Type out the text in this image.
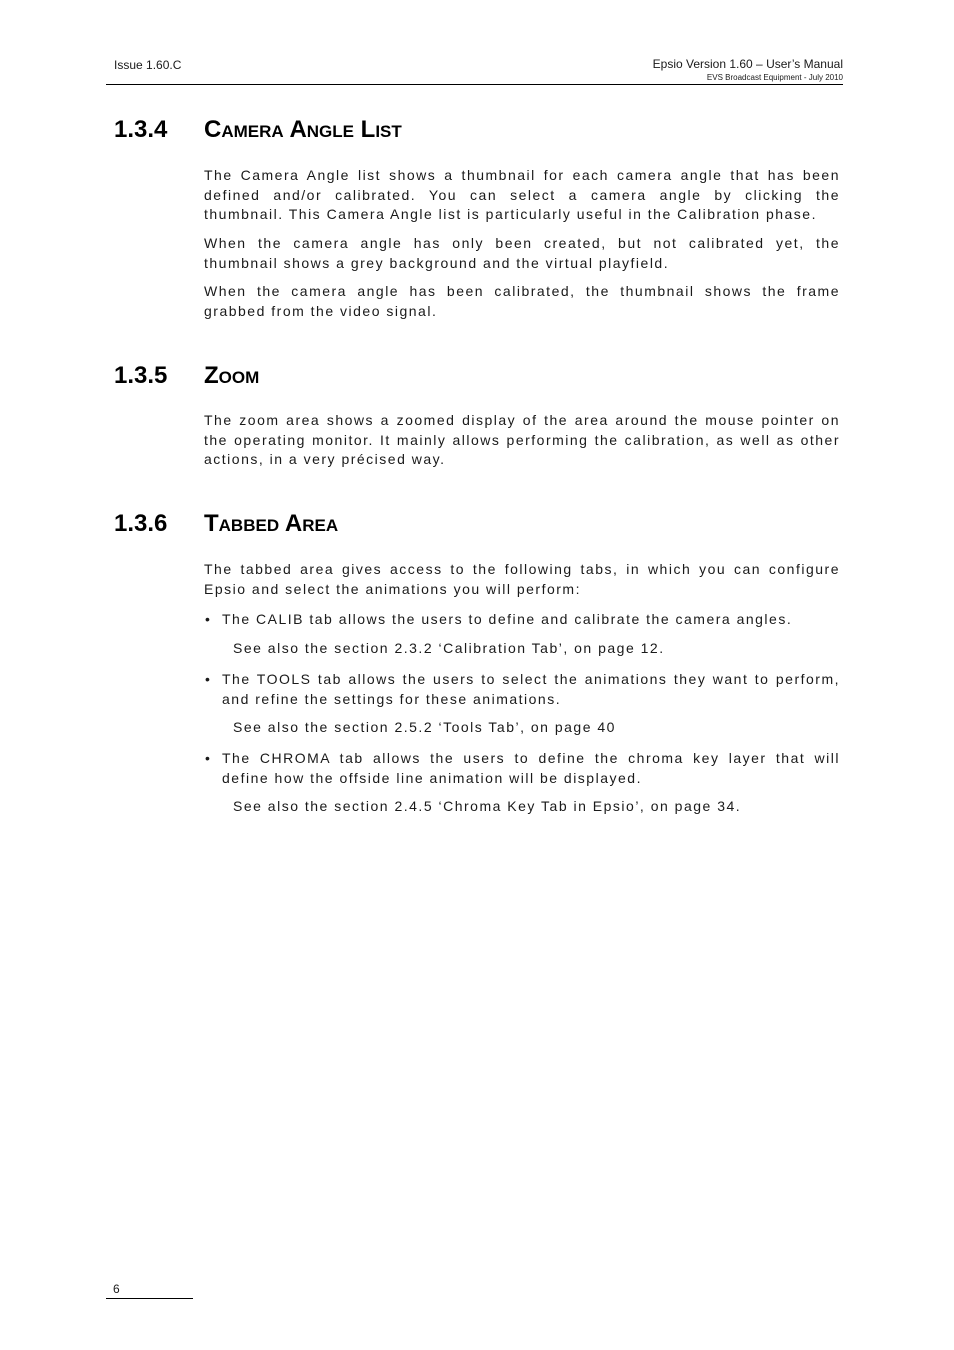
Issue 1.60.C	Epsio Version 1.60 – User’s Manual
EVS Broadcast Equipment - July 2010
1.3.4 Camera Angle List
The Camera Angle list shows a thumbnail for each camera angle that has been defined and/or calibrated. You can select a camera angle by clicking the thumbnail. This Camera Angle list is particularly useful in the Calibration phase.
When the camera angle has only been created, but not calibrated yet, the thumbnail shows a grey background and the virtual playfield.
When the camera angle has been calibrated, the thumbnail shows the frame grabbed from the video signal.
1.3.5 Zoom
The zoom area shows a zoomed display of the area around the mouse pointer on the operating monitor. It mainly allows performing the calibration, as well as other actions, in a very précised way.
1.3.6 Tabbed Area
The tabbed area gives access to the following tabs, in which you can configure Epsio and select the animations you will perform:
• The CALIB tab allows the users to define and calibrate the camera angles.
See also the section 2.3.2 ‘Calibration Tab’, on page 12.
• The TOOLS tab allows the users to select the animations they want to perform, and refine the settings for these animations.
See also the section 2.5.2 ‘Tools Tab’, on page 40
• The CHROMA tab allows the users to define the chroma key layer that will define how the offside line animation will be displayed.
See also the section 2.4.5 ‘Chroma Key Tab in Epsio’, on page 34.
6
